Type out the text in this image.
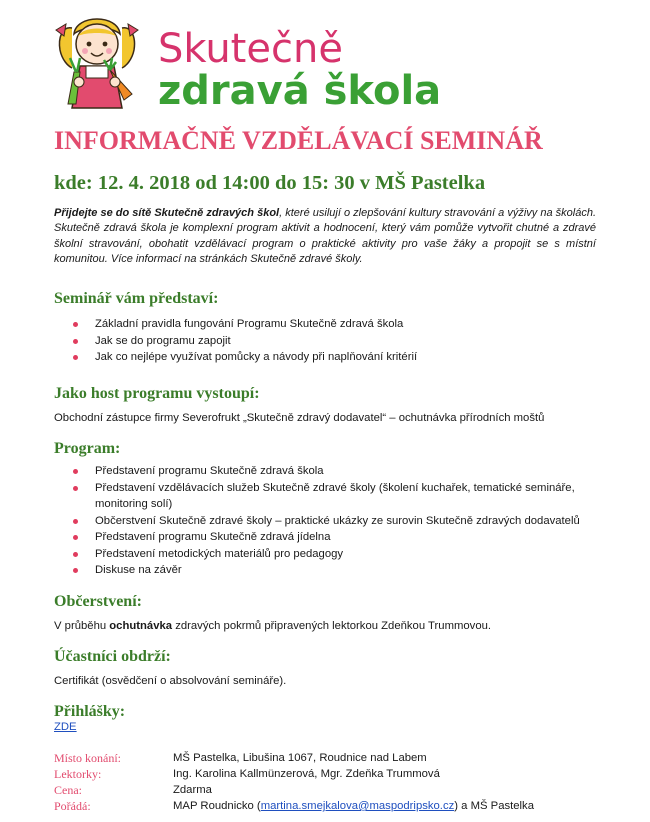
Skutečně
zdravá škola
INFORMAČNĚ VZDĚLÁVACÍ SEMINÁŘ
kde: 12. 4. 2018 od 14:00 do 15: 30 v MŠ Pastelka

Přijdejte se do sítě Skutečně zdravých škol, které usilují o zlepšování kultury stravování a výživy na školách. Skutečně zdravá škola je komplexní program aktivit a hodnocení, který vám pomůže vytvořit chutné a zdravé školní stravování, obohatit vzdělávací program o praktické aktivity pro vaše žáky a propojit se s místní komunitou. Více informací na stránkách Skutečně zdravé školy.

Seminář vám představí:
Základní pravidla fungování Programu Skutečně zdravá škola
Jak se do programu zapojit
Jak co nejlépe využívat pomůcky a návody při naplňování kritérií
Jako host programu vystoupí:

Obchodní zástupce firmy Severofrukt „Skutečně zdravý dodavatel“ – ochutnávka přírodních moštů

Program:
Představení programu Skutečně zdravá škola
Představení vzdělávacích služeb Skutečně zdravé školy (školení kuchařek, tematické semináře, monitoring solí)
Občerstvení Skutečně zdravé školy – praktické ukázky ze surovin Skutečně zdravých dodavatelů
Představení programu Skutečně zdravá jídelna
Představení metodických materiálů pro pedagogy
Diskuse na závěr
Občerstvení:

V průběhu ochutnávka zdravých pokrmů připravených lektorkou Zdeňkou Trummovou.

Účastníci obdrží:

Certifikát (osvědčení o absolvování semináře).

Přihlášky:
ZDE
Místo konání:	MŠ Pastelka, Libušina 1067, Roudnice nad Labem
Lektorky:	Ing. Karolina Kallmünzerová, Mgr. Zdeňka Trummová
Cena:	Zdarma
Pořádá:	MAP Roudnicko (martina.smejkalova@maspodripsko.cz) a MŠ Pastelka
